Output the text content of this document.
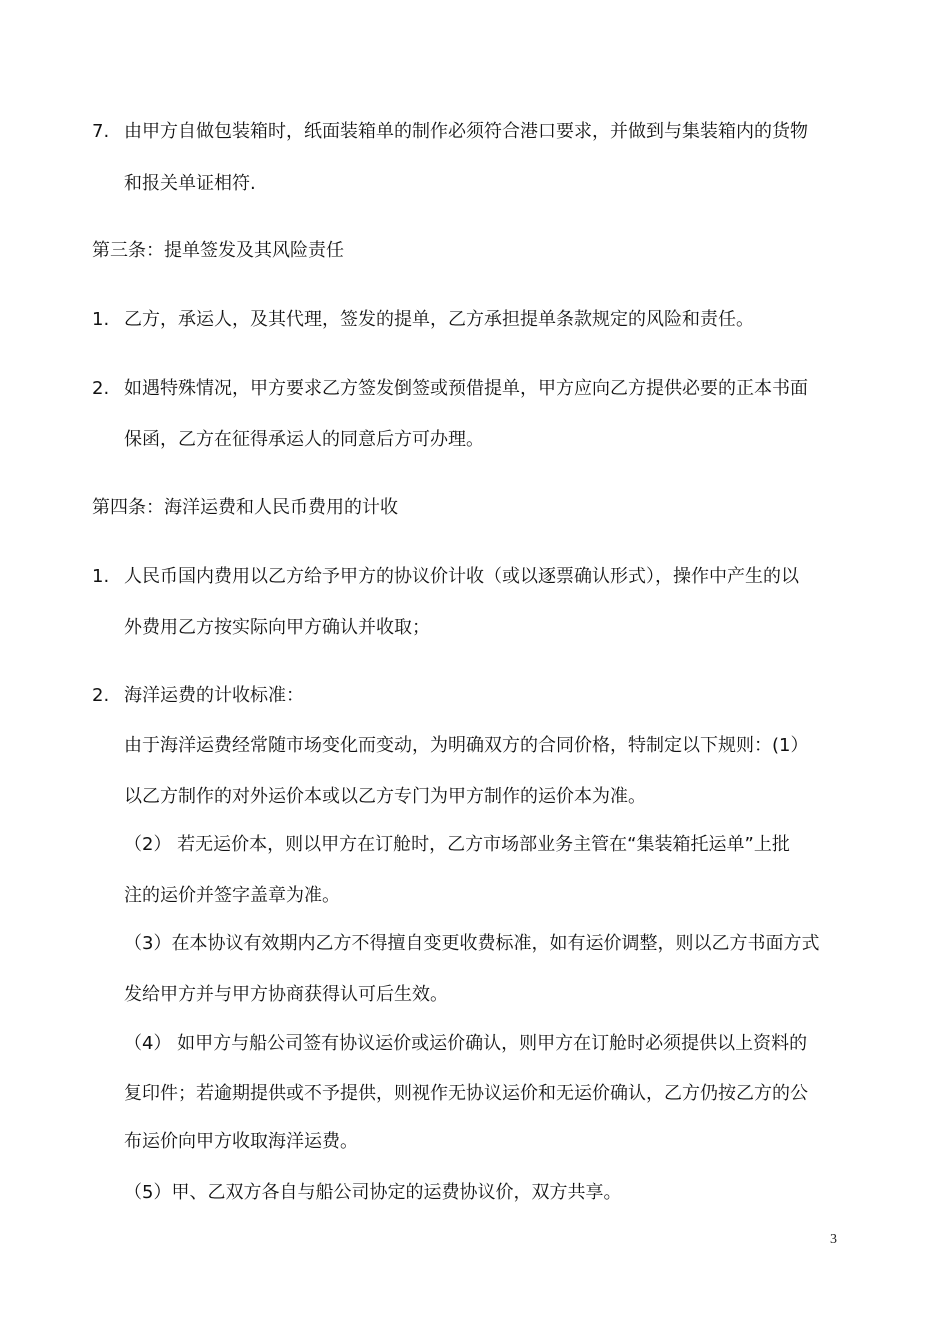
7. 由甲方自做包装箱时，纸面装箱单的制作必须符合港口要求，并做到与集装箱内的货物
和报关单证相符.
第三条：提单签发及其风险责任
1. 乙方，承运人，及其代理，签发的提单，乙方承担提单条款规定的风险和责任。
2. 如遇特殊情况，甲方要求乙方签发倒签或预借提单，甲方应向乙方提供必要的正本书面
保函，乙方在征得承运人的同意后方可办理。
第四条：海洋运费和人民币费用的计收
1. 人民币国内费用以乙方给予甲方的协议价计收（或以逐票确认形式），操作中产生的以
外费用乙方按实际向甲方确认并收取；
2. 海洋运费的计收标准：
由于海洋运费经常随市场变化而变动，为明确双方的合同价格，特制定以下规则：(1）
以乙方制作的对外运价本或以乙方专门为甲方制作的运价本为准。
（2） 若无运价本，则以甲方在订舱时，乙方市场部业务主管在“集装箱托运单”上批
注的运价并签字盖章为准。
（3）在本协议有效期内乙方不得擅自变更收费标准，如有运价调整，则以乙方书面方式
发给甲方并与甲方协商获得认可后生效。
（4） 如甲方与船公司签有协议运价或运价确认，则甲方在订舱时必须提供以上资料的
复印件；若逾期提供或不予提供，则视作无协议运价和无运价确认，乙方仍按乙方的公
布运价向甲方收取海洋运费。
（5）甲、乙双方各自与船公司协定的运费协议价，双方共享。
3
